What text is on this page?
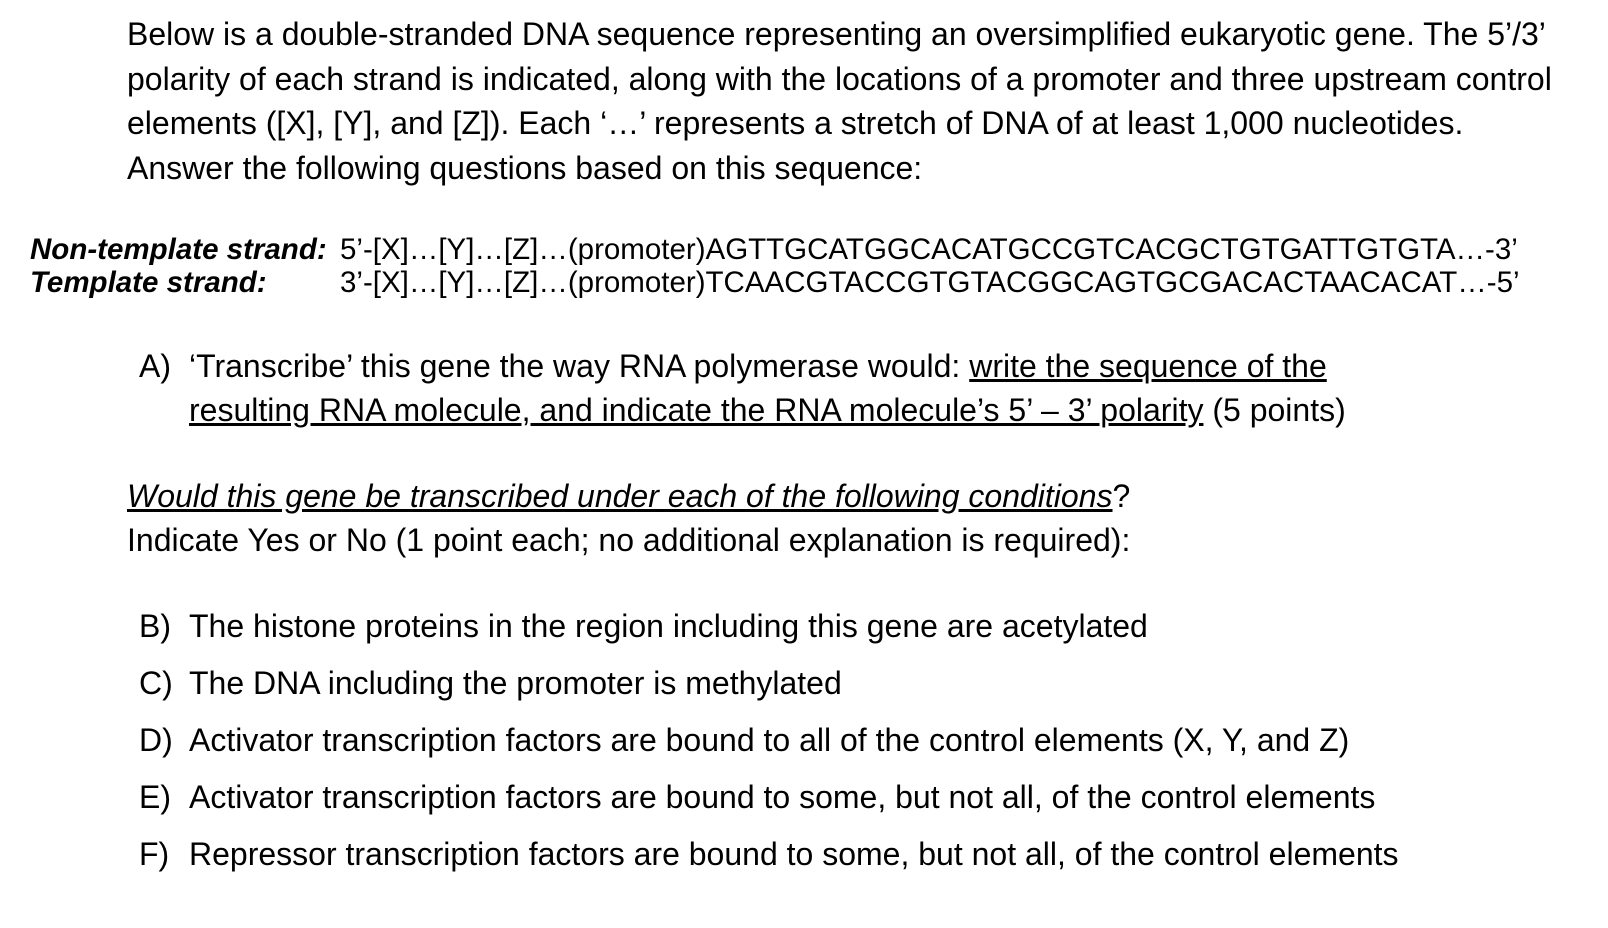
Below is a double-stranded DNA sequence representing an oversimplified eukaryotic gene. The 5’/3’ polarity of each strand is indicated, along with the locations of a promoter and three upstream control elements ([X], [Y], and [Z]). Each ‘…’ represents a stretch of DNA of at least 1,000 nucleotides. Answer the following questions based on this sequence:
Non-template strand: 5’-[X]…[Y]…[Z]…(promoter)AGTTGCATGGCACATGCCGTCACGCTGTGATTGTGTA…-3’
Template strand: 3’-[X]…[Y]…[Z]…(promoter)TCAACGTACCGTGTACGGCAGTGCGACACTAACACAT…-5’
A) ‘Transcribe’ this gene the way RNA polymerase would: write the sequence of the
resulting RNA molecule, and indicate the RNA molecule’s 5’ – 3’ polarity (5 points)
Would this gene be transcribed under each of the following conditions?
Indicate Yes or No (1 point each; no additional explanation is required):
B) The histone proteins in the region including this gene are acetylated
C) The DNA including the promoter is methylated
D) Activator transcription factors are bound to all of the control elements (X, Y, and Z)
E) Activator transcription factors are bound to some, but not all, of the control elements
F) Repressor transcription factors are bound to some, but not all, of the control elements
